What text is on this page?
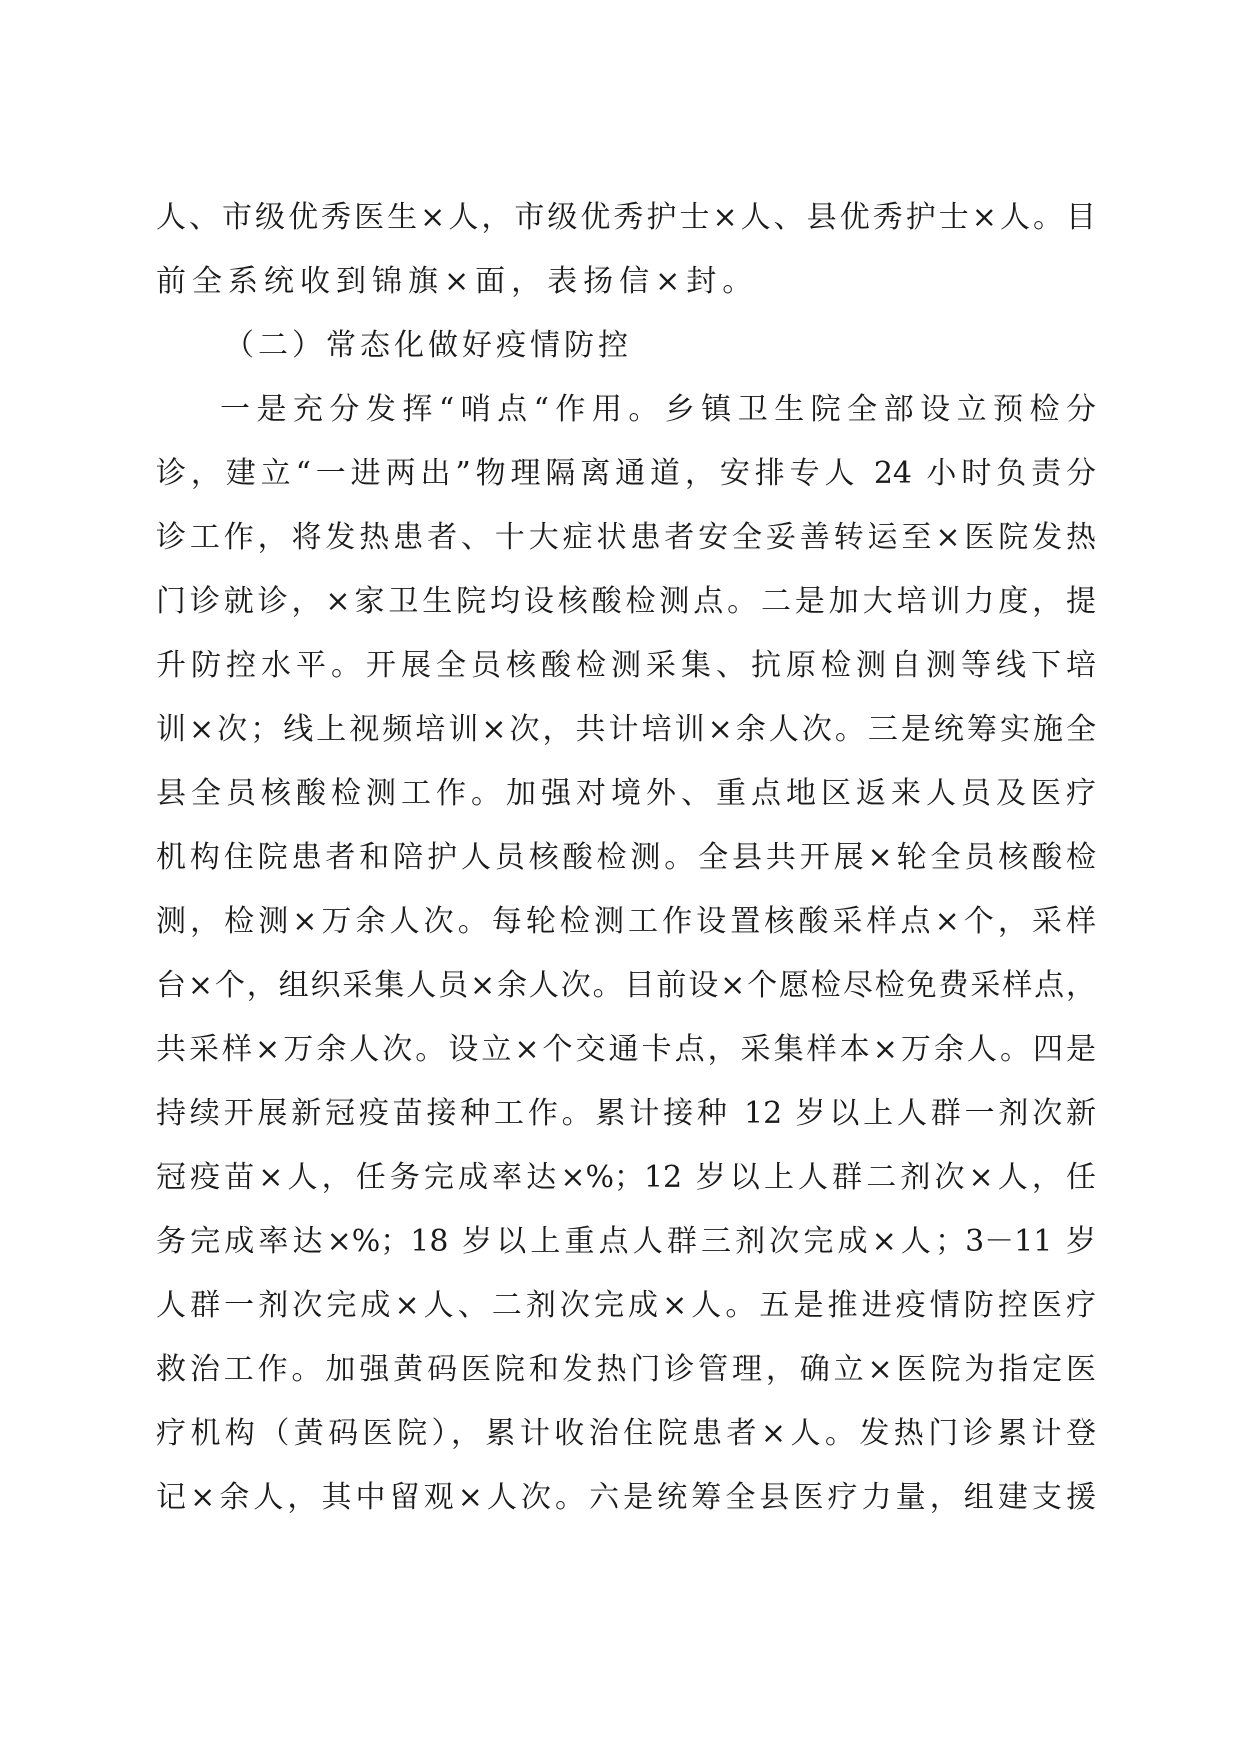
人、市级优秀医生×人，市级优秀护士×人、县优秀护士×人。目
前全系统收到锦旗×面，表扬信×封。
（二）常态化做好疫情防控
一是充分发挥“哨点“作用。乡镇卫生院全部设立预检分
诊，建立“一进两出”物理隔离通道，安排专人 24 小时负责分
诊工作，将发热患者、十大症状患者安全妥善转运至×医院发热
门诊就诊，×家卫生院均设核酸检测点。二是加大培训力度，提
升防控水平。开展全员核酸检测采集、抗原检测自测等线下培
训×次；线上视频培训×次，共计培训×余人次。三是统筹实施全
县全员核酸检测工作。加强对境外、重点地区返来人员及医疗
机构住院患者和陪护人员核酸检测。全县共开展×轮全员核酸检
测，检测×万余人次。每轮检测工作设置核酸采样点×个，采样
台×个，组织采集人员×余人次。目前设×个愿检尽检免费采样点，
共采样×万余人次。设立×个交通卡点，采集样本×万余人。四是
持续开展新冠疫苗接种工作。累计接种 12 岁以上人群一剂次新
冠疫苗×人，任务完成率达×%；12 岁以上人群二剂次×人，任
务完成率达×%；18 岁以上重点人群三剂次完成×人；3－11 岁
人群一剂次完成×人、二剂次完成×人。五是推进疫情防控医疗
救治工作。加强黄码医院和发热门诊管理，确立×医院为指定医
疗机构（黄码医院），累计收治住院患者×人。发热门诊累计登
记×余人，其中留观×人次。六是统筹全县医疗力量，组建支援
